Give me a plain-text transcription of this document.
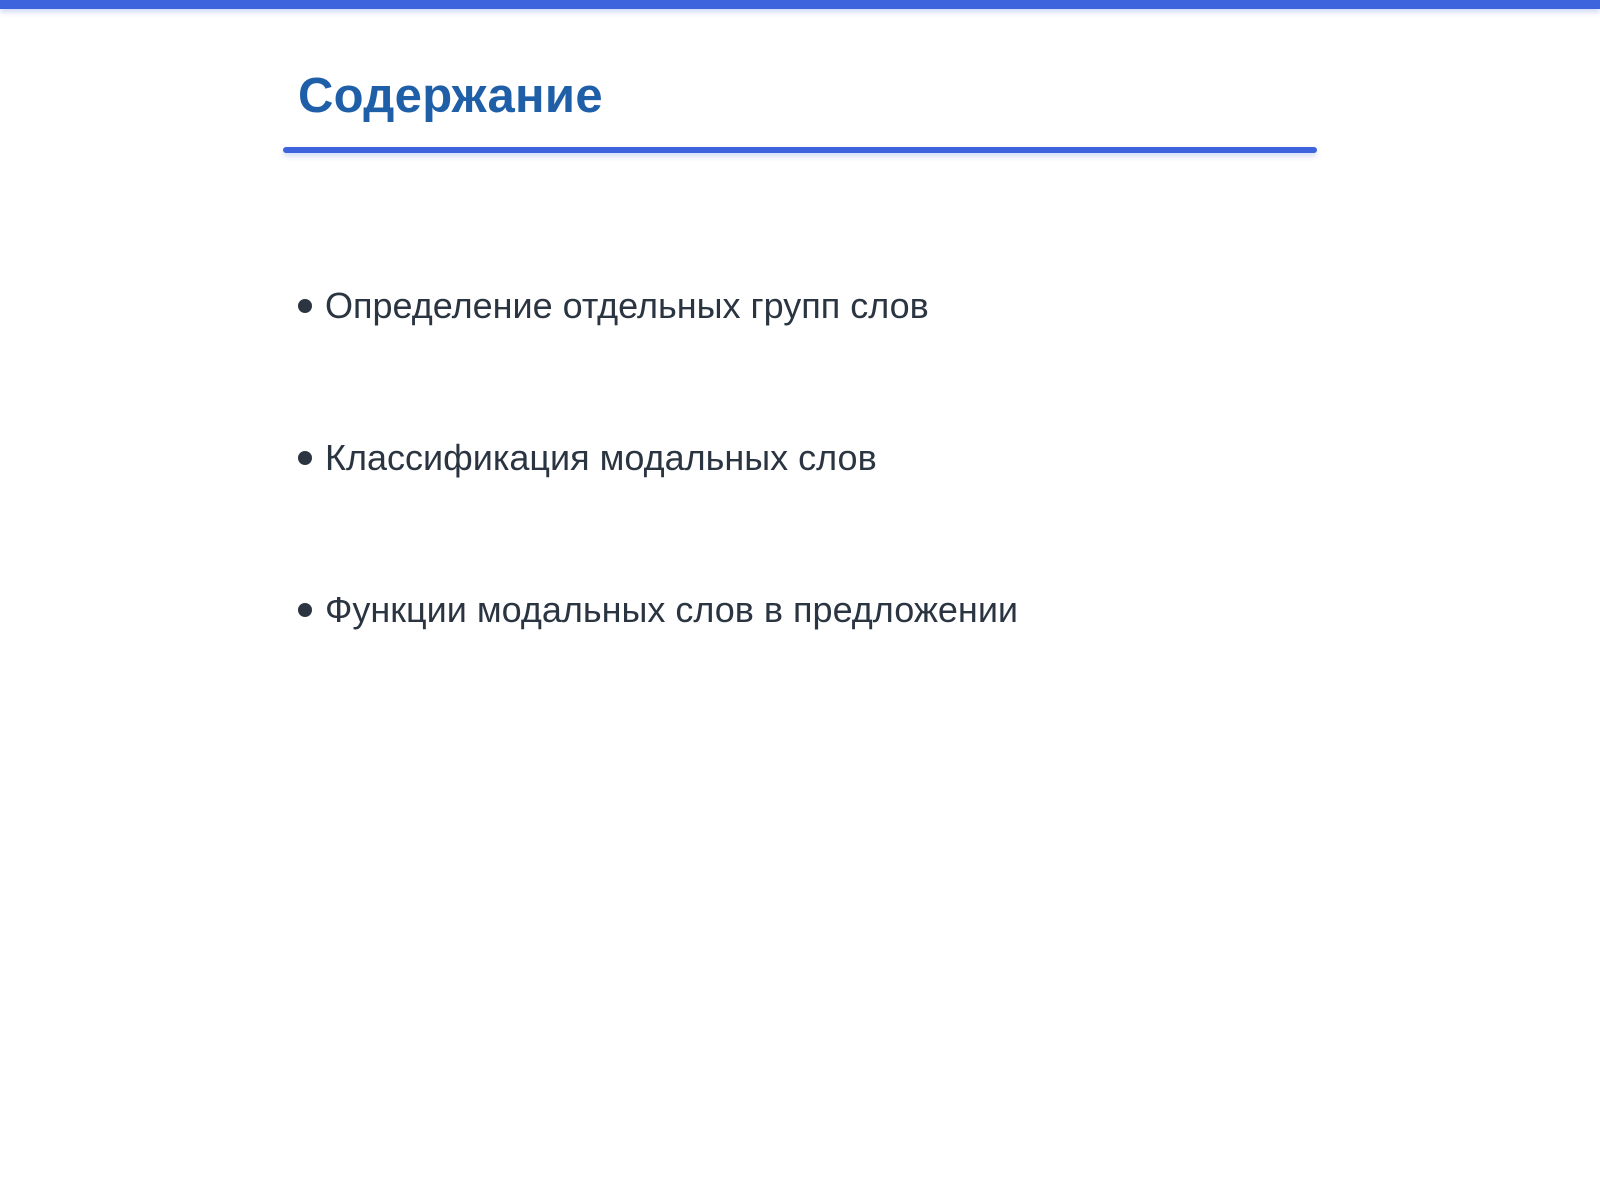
Содержание
Определение отдельных групп слов
Классификация модальных слов
Функции модальных слов в предложении
